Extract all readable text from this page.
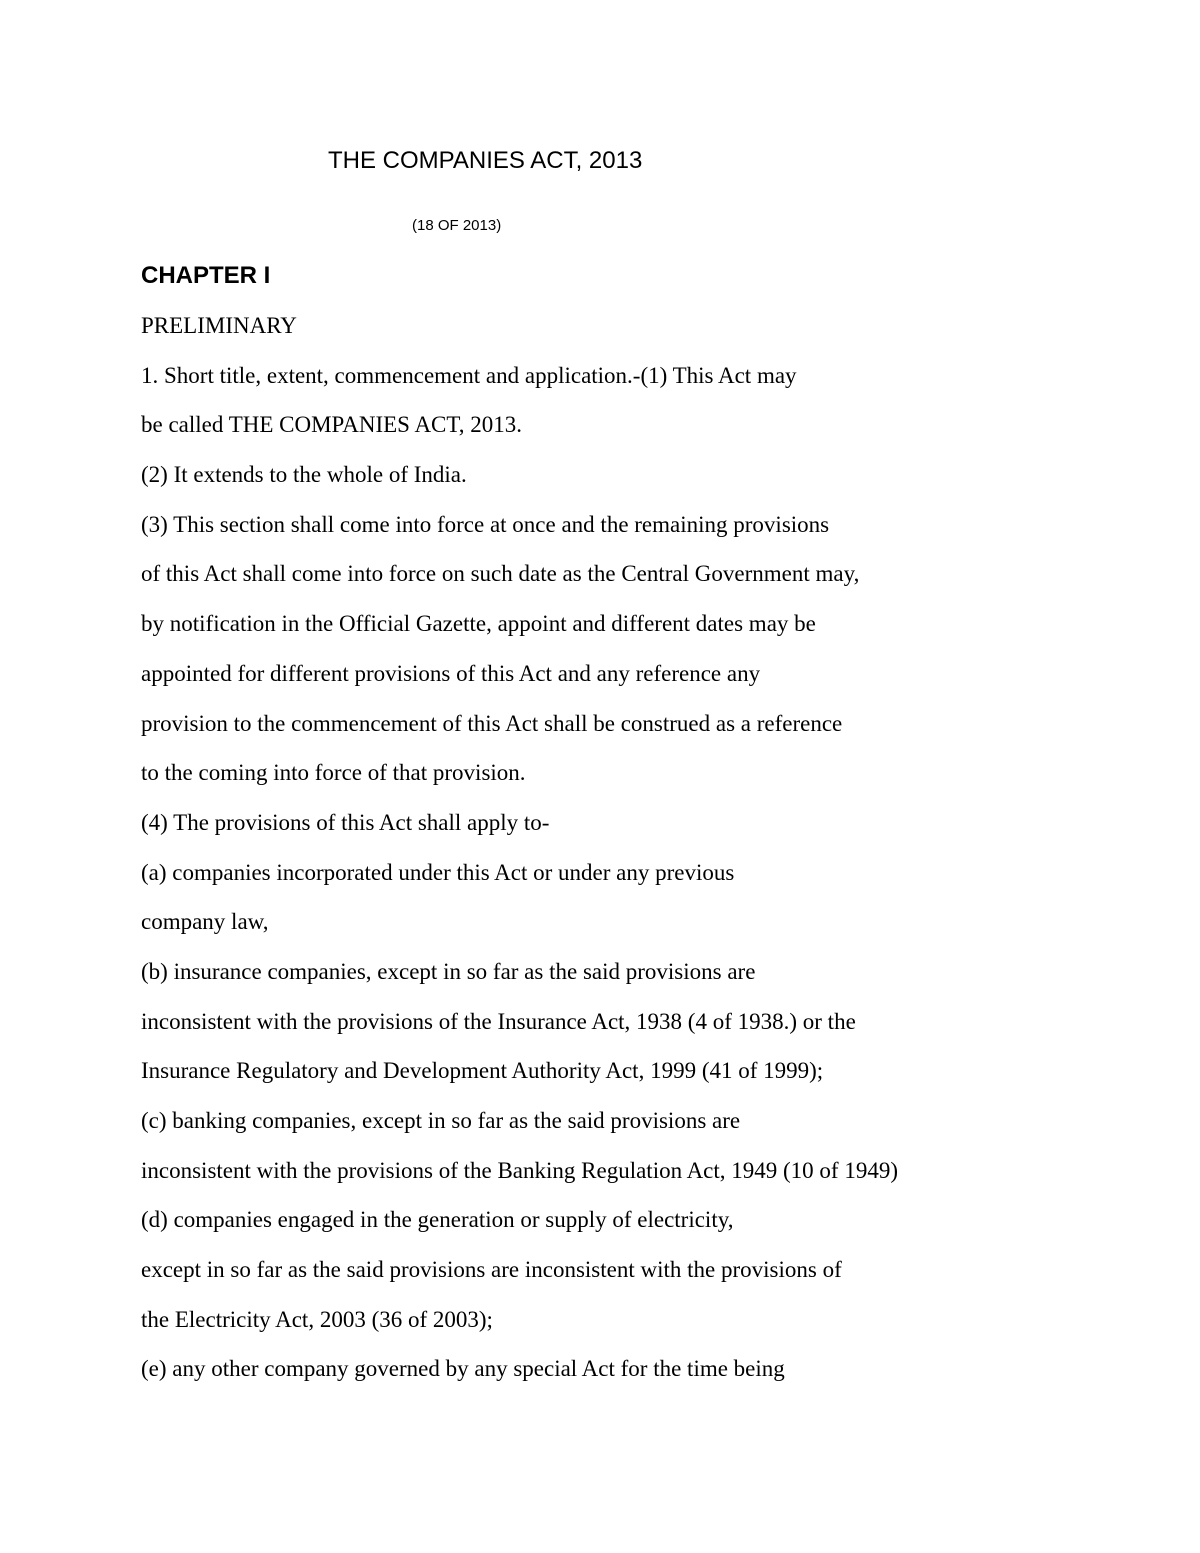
THE COMPANIES ACT, 2013
(18 OF 2013)
CHAPTER I
PRELIMINARY
1. Short title, extent, commencement and application.-(1) This Act may
be called THE COMPANIES ACT, 2013.
(2) It extends to the whole of India.
(3) This section shall come into force at once and the remaining provisions
of this Act shall come into force on such date as the Central Government may,
by notification in the Official Gazette, appoint and different dates may be
appointed for different provisions of this Act and any reference any
provision to the commencement of this Act shall be construed as a reference
to the coming into force of that provision.
(4) The provisions of this Act shall apply to-
(a) companies incorporated under this Act or under any previous
company law,
(b) insurance companies, except in so far as the said provisions are
inconsistent with the provisions of the Insurance Act, 1938 (4 of 1938.) or the
Insurance Regulatory and Development Authority Act, 1999 (41 of 1999);
(c) banking companies, except in so far as the said provisions are
inconsistent with the provisions of the Banking Regulation Act, 1949 (10 of 1949)
(d) companies engaged in the generation or supply of electricity,
except in so far as the said provisions are inconsistent with the provisions of
the Electricity Act, 2003 (36 of 2003);
(e) any other company governed by any special Act for the time being
